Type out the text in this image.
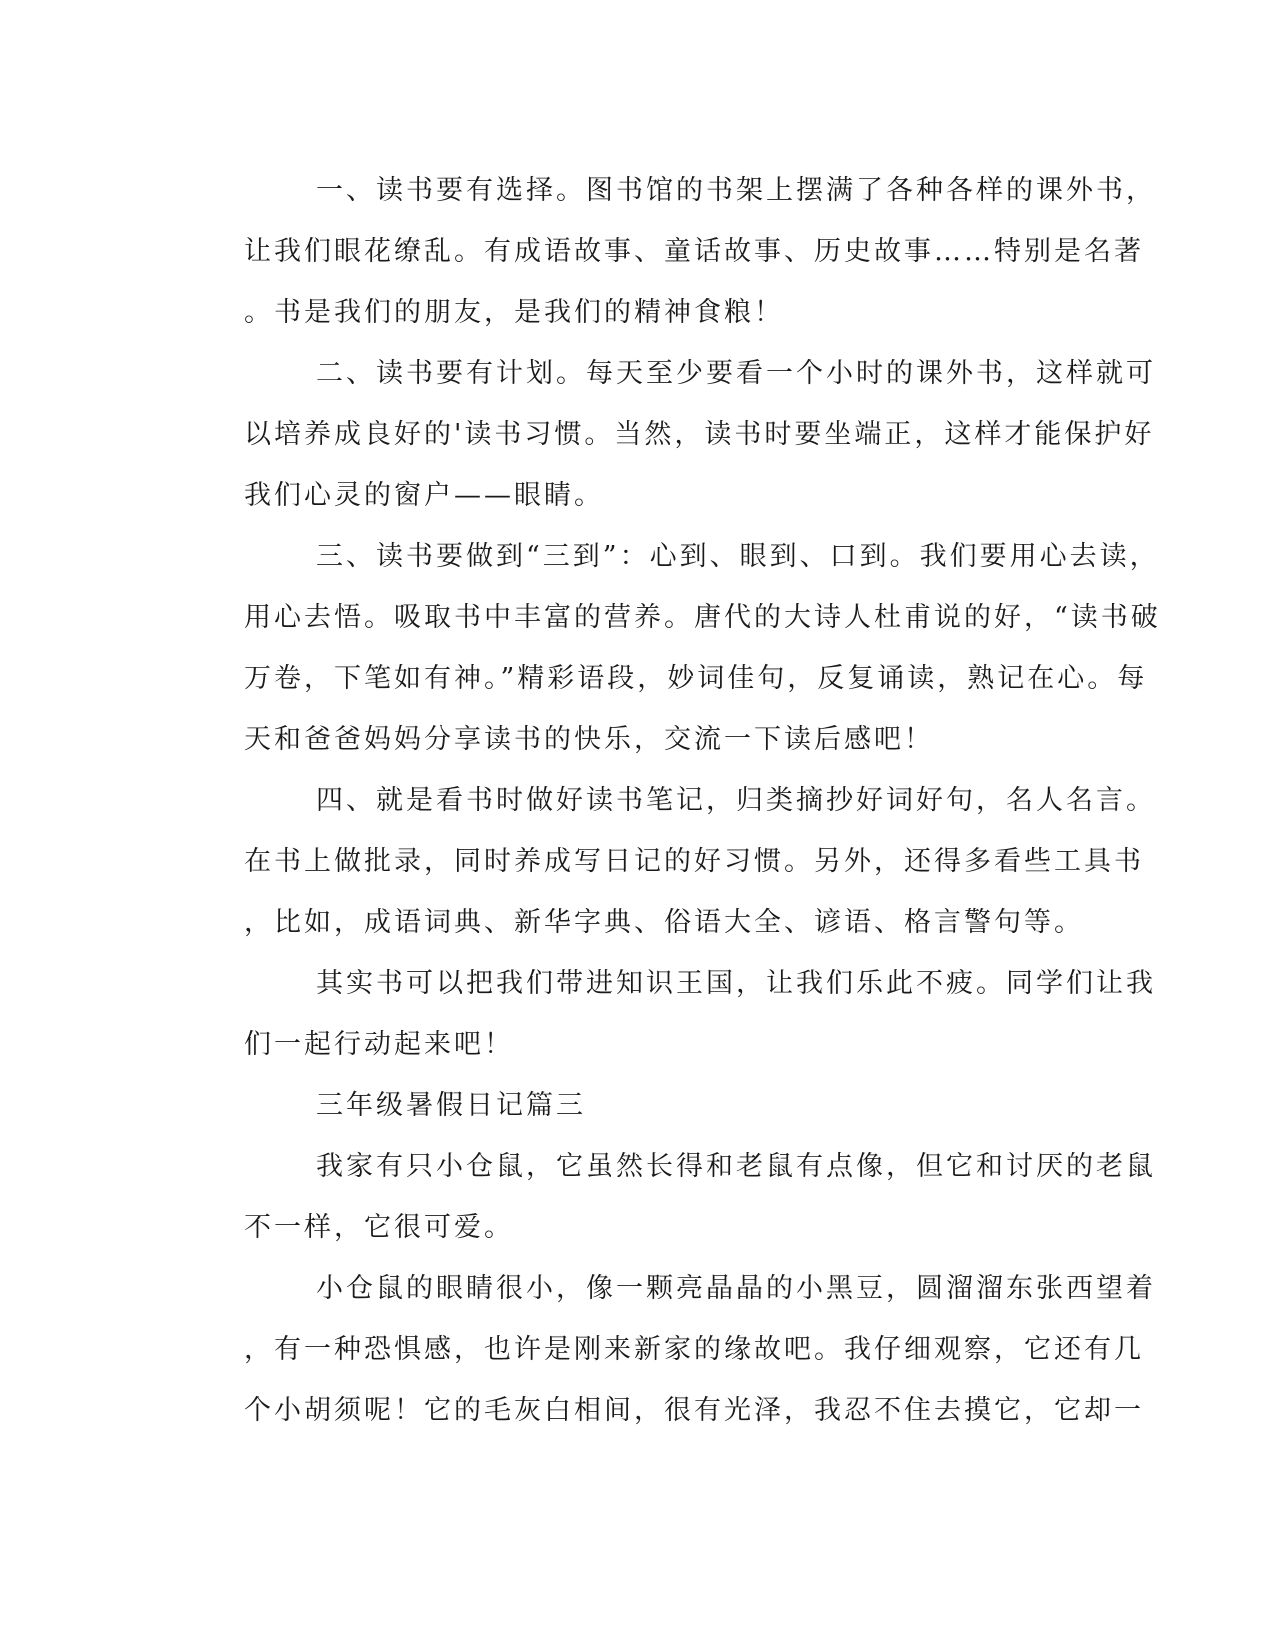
一、读书要有选择。图书馆的书架上摆满了各种各样的课外书，
让我们眼花缭乱。有成语故事、童话故事、历史故事……特别是名著
。书是我们的朋友，是我们的精神食粮！
二、读书要有计划。每天至少要看一个小时的课外书，这样就可
以培养成良好的'读书习惯。当然，读书时要坐端正，这样才能保护好
我们心灵的窗户——眼睛。
三、读书要做到“三到”：心到、眼到、口到。我们要用心去读，
用心去悟。吸取书中丰富的营养。唐代的大诗人杜甫说的好，“读书破
万卷，下笔如有神。”精彩语段，妙词佳句，反复诵读，熟记在心。每
天和爸爸妈妈分享读书的快乐，交流一下读后感吧！
四、就是看书时做好读书笔记，归类摘抄好词好句，名人名言。
在书上做批录，同时养成写日记的好习惯。另外，还得多看些工具书
，比如，成语词典、新华字典、俗语大全、谚语、格言警句等。
其实书可以把我们带进知识王国，让我们乐此不疲。同学们让我
们一起行动起来吧！
三年级暑假日记篇三
我家有只小仓鼠，它虽然长得和老鼠有点像，但它和讨厌的老鼠
不一样，它很可爱。
小仓鼠的眼睛很小，像一颗亮晶晶的小黑豆，圆溜溜东张西望着
，有一种恐惧感，也许是刚来新家的缘故吧。我仔细观察，它还有几
个小胡须呢！它的毛灰白相间，很有光泽，我忍不住去摸它，它却一
